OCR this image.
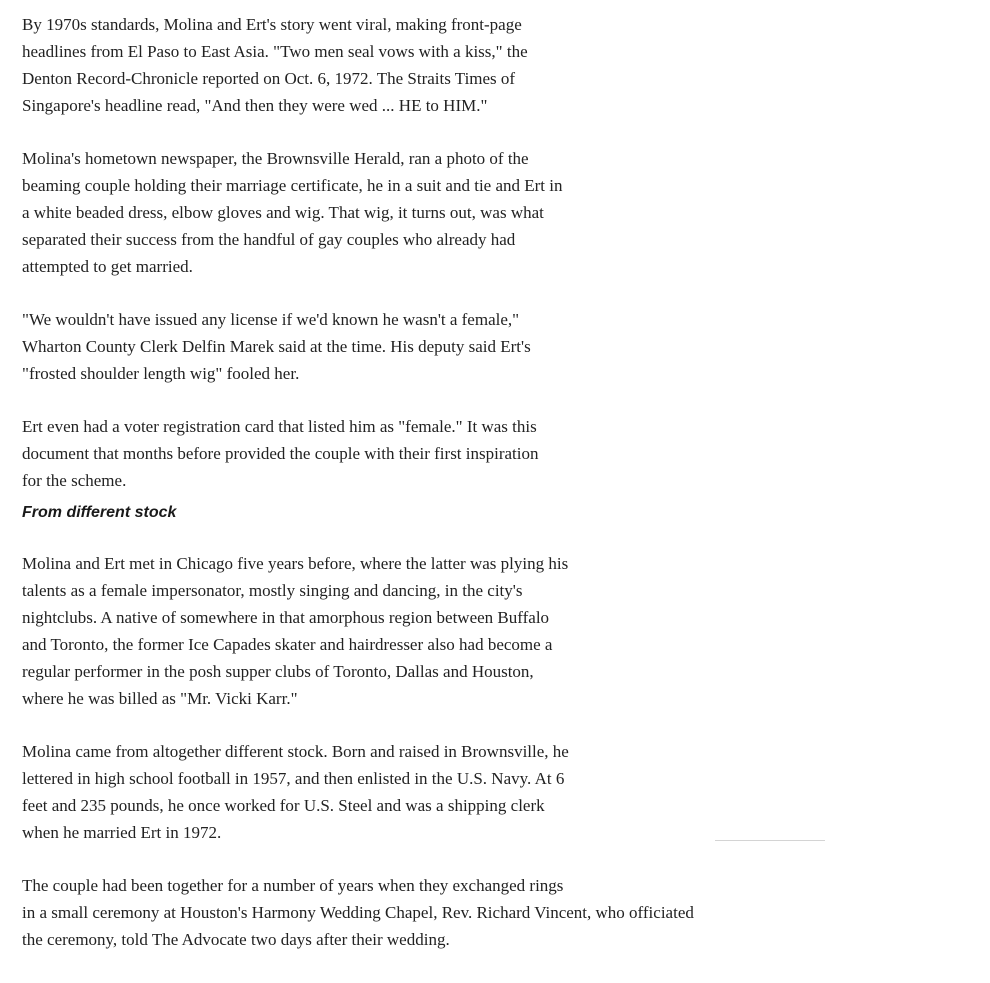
By 1970s standards, Molina and Ert's story went viral, making front-page
headlines from El Paso to East Asia. "Two men seal vows with a kiss," the
Denton Record-Chronicle reported on Oct. 6, 1972. The Straits Times of
Singapore's headline read, "And then they were wed ... HE to HIM."

Molina's hometown newspaper, the Brownsville Herald, ran a photo of the
beaming couple holding their marriage certificate, he in a suit and tie and Ert in
a white beaded dress, elbow gloves and wig. That wig, it turns out, was what
separated their success from the handful of gay couples who already had
attempted to get married.

"We wouldn't have issued any license if we'd known he wasn't a female,"
Wharton County Clerk Delfin Marek said at the time. His deputy said Ert's
"frosted shoulder length wig" fooled her.

Ert even had a voter registration card that listed him as "female." It was this
document that months before provided the couple with their first inspiration
for the scheme.

From different stock

Molina and Ert met in Chicago five years before, where the latter was plying his
talents as a female impersonator, mostly singing and dancing, in the city's
nightclubs. A native of somewhere in that amorphous region between Buffalo
and Toronto, the former Ice Capades skater and hairdresser also had become a
regular performer in the posh supper clubs of Toronto, Dallas and Houston,
where he was billed as "Mr. Vicki Karr."

Molina came from altogether different stock. Born and raised in Brownsville, he
lettered in high school football in 1957, and then enlisted in the U.S. Navy. At 6
feet and 235 pounds, he once worked for U.S. Steel and was a shipping clerk
when he married Ert in 1972.

The couple had been together for a number of years when they exchanged rings
in a small ceremony at Houston's Harmony Wedding Chapel, Rev. Richard Vincent, who officiated
the ceremony, told The Advocate two days after their wedding.
